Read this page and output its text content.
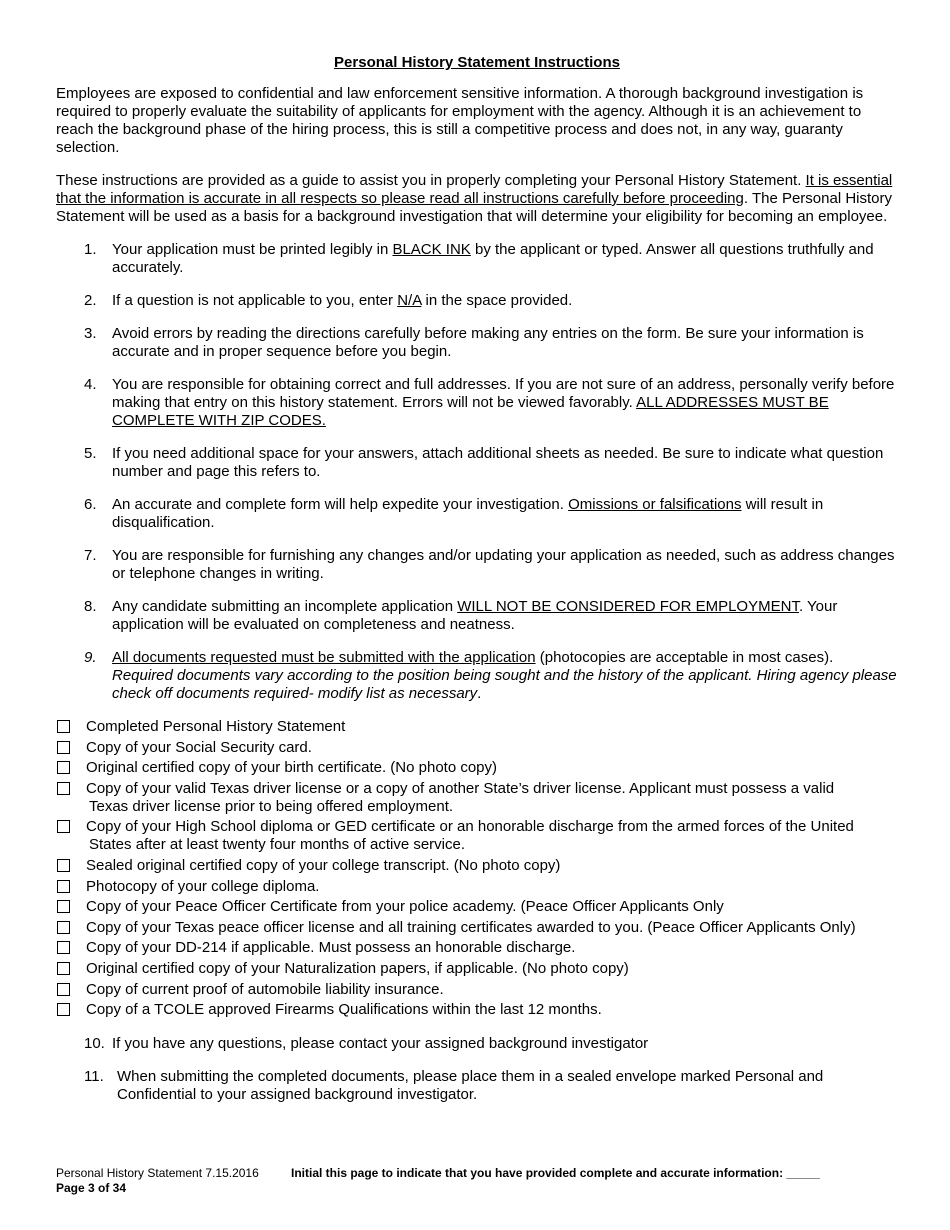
Personal History Statement Instructions

Employees are exposed to confidential and law enforcement sensitive information. A thorough background investigation is required to properly evaluate the suitability of applicants for employment with the agency. Although it is an achievement to reach the background phase of the hiring process, this is still a competitive process and does not, in any way, guaranty selection.

These instructions are provided as a guide to assist you in properly completing your Personal History Statement. It is essential that the information is accurate in all respects so please read all instructions carefully before proceeding. The Personal History Statement will be used as a basis for a background investigation that will determine your eligibility for becoming an employee.

1. Your application must be printed legibly in BLACK INK by the applicant or typed. Answer all questions truthfully and accurately.
2. If a question is not applicable to you, enter N/A in the space provided.
3. Avoid errors by reading the directions carefully before making any entries on the form. Be sure your information is accurate and in proper sequence before you begin.
4. You are responsible for obtaining correct and full addresses. If you are not sure of an address, personally verify before making that entry on this history statement. Errors will not be viewed favorably. ALL ADDRESSES MUST BE COMPLETE WITH ZIP CODES.
5. If you need additional space for your answers, attach additional sheets as needed. Be sure to indicate what question number and page this refers to.
6. An accurate and complete form will help expedite your investigation. Omissions or falsifications will result in disqualification.
7. You are responsible for furnishing any changes and/or updating your application as needed, such as address changes or telephone changes in writing.
8. Any candidate submitting an incomplete application WILL NOT BE CONSIDERED FOR EMPLOYMENT. Your application will be evaluated on completeness and neatness.
9. All documents requested must be submitted with the application (photocopies are acceptable in most cases).
Required documents vary according to the position being sought and the history of the applicant. Hiring agency please check off documents required- modify list as necessary.
Completed Personal History Statement
Copy of your Social Security card.
Original certified copy of your birth certificate. (No photo copy)
Copy of your valid Texas driver license or a copy of another State’s driver license. Applicant must possess a valid
Texas driver license prior to being offered employment.
Copy of your High School diploma or GED certificate or an honorable discharge from the armed forces of the United
States after at least twenty four months of active service.
Sealed original certified copy of your college transcript. (No photo copy)
Photocopy of your college diploma.
Copy of your Peace Officer Certificate from your police academy. (Peace Officer Applicants Only
Copy of your Texas peace officer license and all training certificates awarded to you. (Peace Officer Applicants Only)
Copy of your DD-214 if applicable. Must possess an honorable discharge.
Original certified copy of your Naturalization papers, if applicable. (No photo copy)
Copy of current proof of automobile liability insurance.
Copy of a TCOLE approved Firearms Qualifications within the last 12 months.
10. If you have any questions, please contact your assigned background investigator
11. When submitting the completed documents, please place them in a sealed envelope marked Personal and Confidential to your assigned background investigator.
Personal History Statement 7.15.2016	Initial this page to indicate that you have provided complete and accurate information: _____
Page 3 of 34
